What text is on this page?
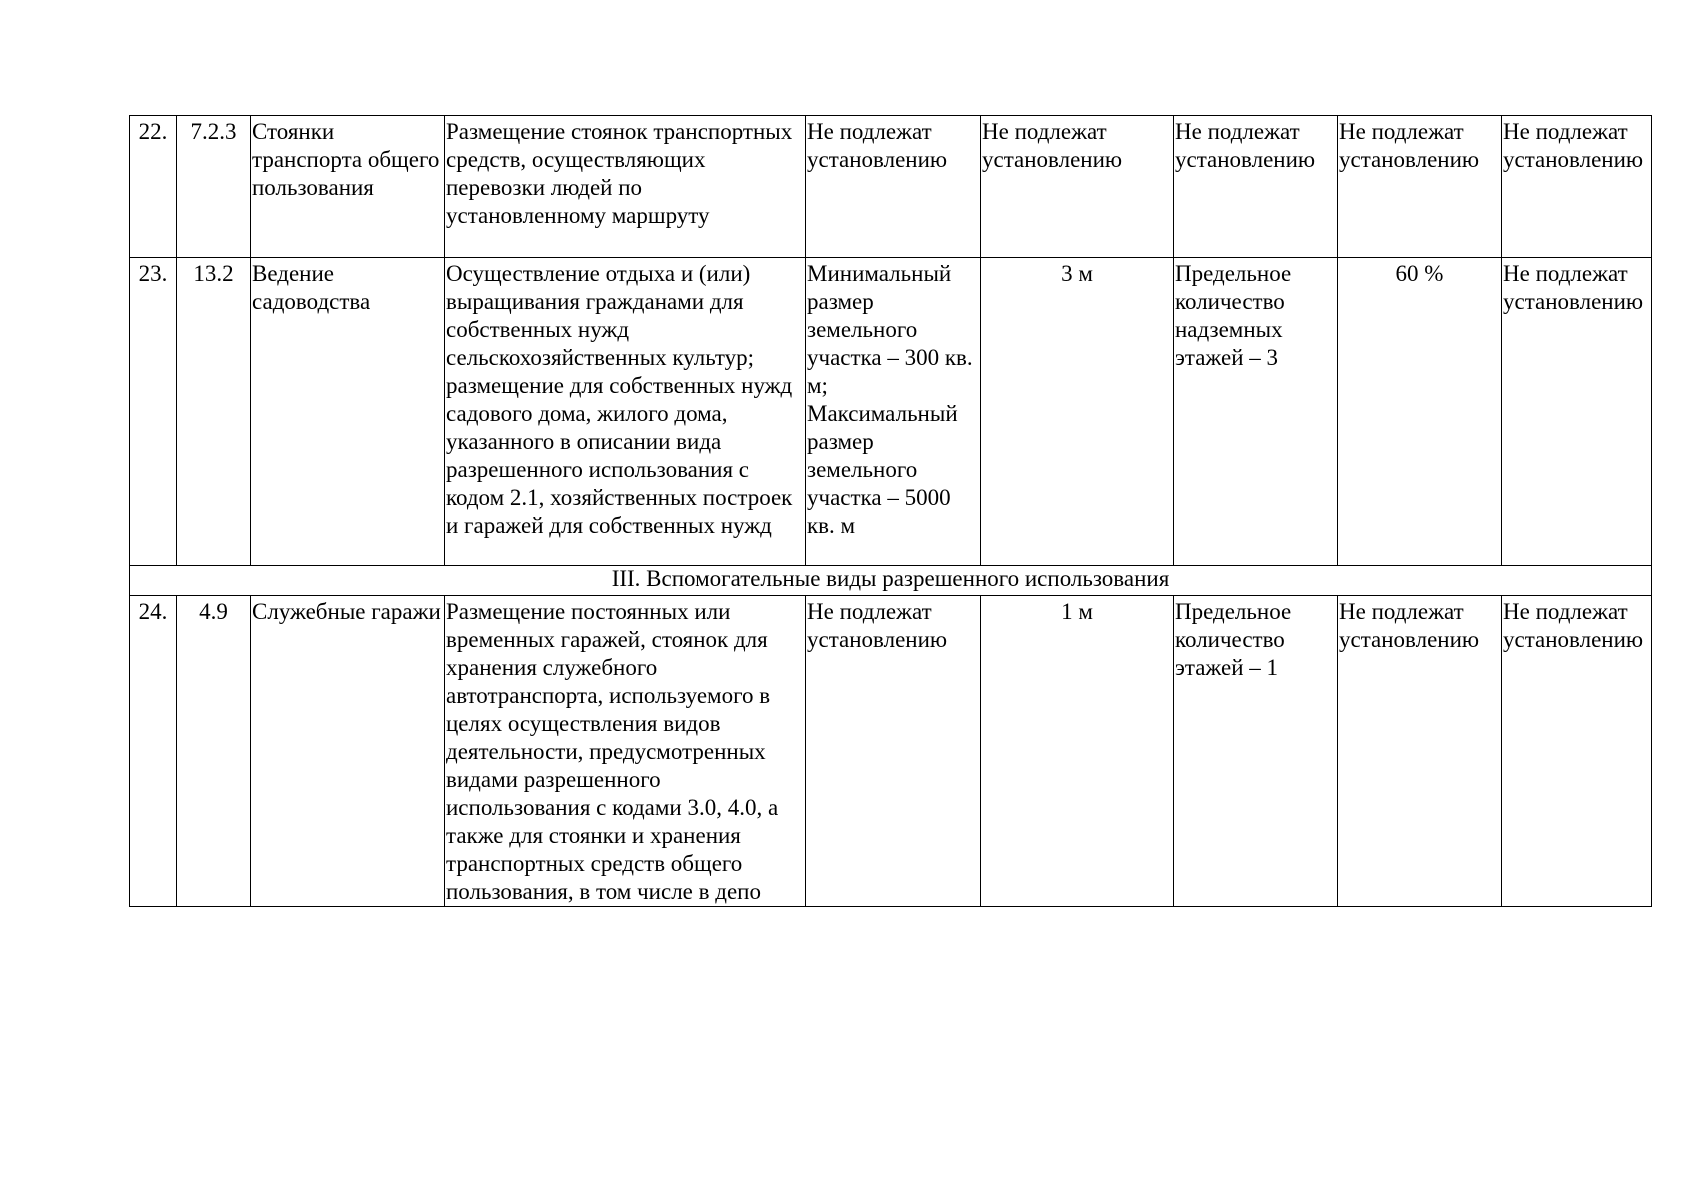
22.	7.2.3	Стоянки транспорта общего пользования	Размещение стоянок транспортных средств, осуществляющих перевозки людей по установленному маршруту	Не подлежат установлению	Не подлежат установлению	Не подлежат установлению	Не подлежат установлению	Не подлежат установлению
23.	13.2	Ведение садоводства	Осуществление отдыха и (или) выращивания гражданами для собственных нужд сельскохозяйственных культур; размещение для собственных нужд садового дома, жилого дома, указанного в описании вида разрешенного использования с кодом 2.1, хозяйственных построек и гаражей для собственных нужд	Минимальный размер земельного участка – 300 кв. м; Максимальный размер земельного участка – 5000 кв. м	3 м	Предельное количество надземных этажей – 3	60 %	Не подлежат установлению
III. Вспомогательные виды разрешенного использования								
24.	4.9	Служебные гаражи	Размещение постоянных или временных гаражей, стоянок для хранения служебного автотранспорта, используемого в целях осуществления видов деятельности, предусмотренных видами разрешенного использования с кодами 3.0, 4.0, а также для стоянки и хранения транспортных средств общего пользования, в том числе в депо	Не подлежат установлению	1 м	Предельное количество этажей – 1	Не подлежат установлению	Не подлежат установлению
